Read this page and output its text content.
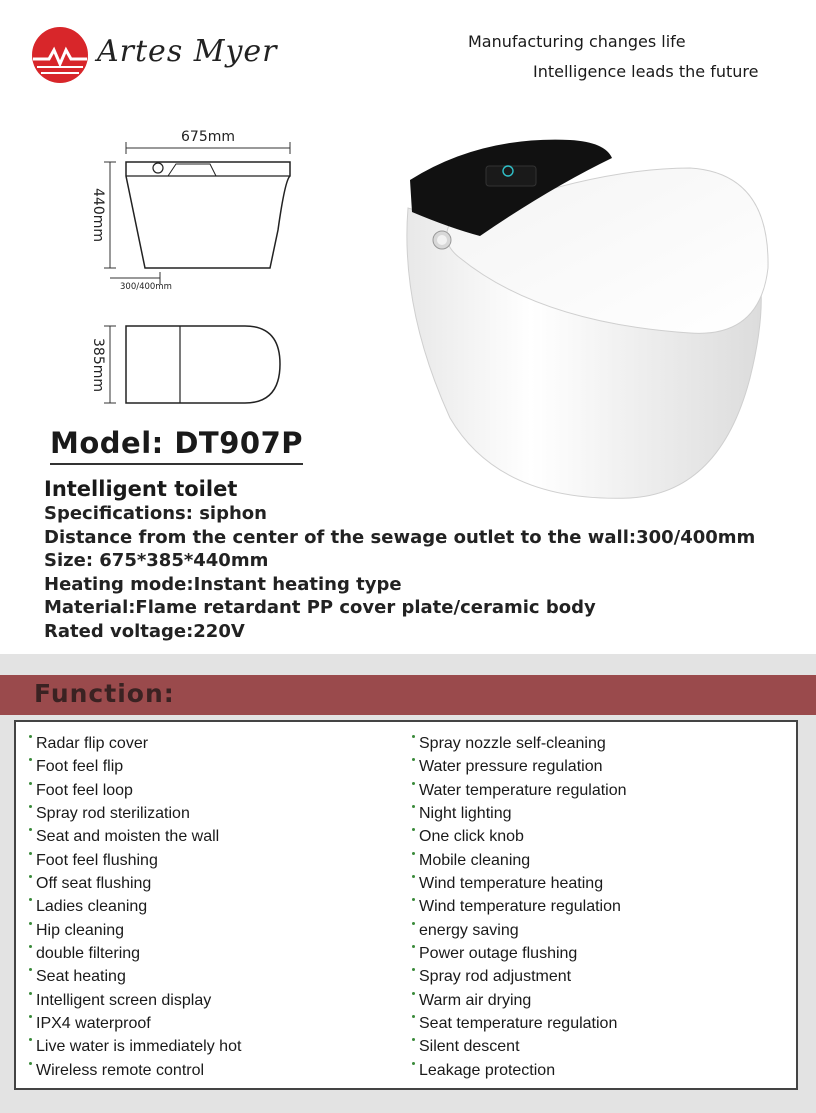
Artes Myer	Manufacturing changes life
Intelligence leads the future
675mm
440mm
300/400mm
385mm
Model: DT907P
Intelligent toilet
Specifications: siphon
Distance from the center of the sewage outlet to the wall:300/400mm
Size: 675*385*440mm
Heating mode:Instant heating type
Material:Flame retardant PP cover plate/ceramic body
Rated voltage:220V
Function:
Radar flip cover
Foot feel flip
Foot feel loop
Spray rod sterilization
Seat and moisten the wall
Foot feel flushing
Off seat flushing
Ladies cleaning
Hip cleaning
double filtering
Seat heating
Intelligent screen display
IPX4 waterproof
Live water is immediately hot
Wireless remote control
Spray nozzle self-cleaning
Water pressure regulation
Water temperature regulation
Night lighting
One click knob
Mobile cleaning
Wind temperature heating
Wind temperature regulation
energy saving
Power outage flushing
Spray rod adjustment
Warm air drying
Seat temperature regulation
Silent descent
Leakage protection
